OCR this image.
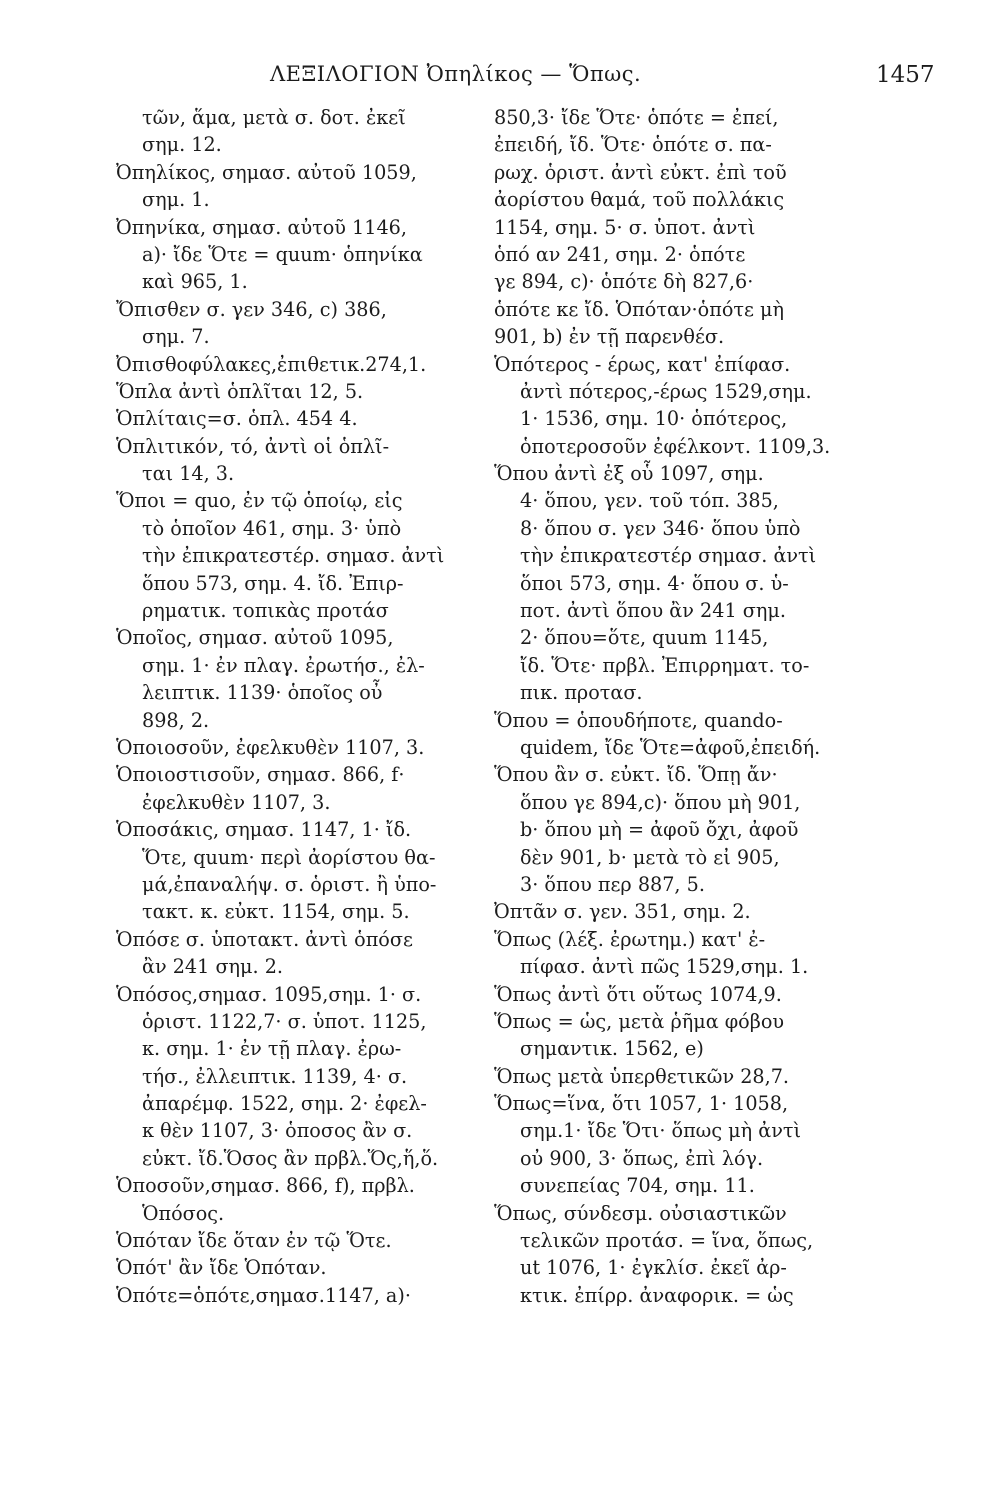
ΛΕΞΙΛΟΓΙΟΝ Ὀπηλίκος — Ὅπως.	1457
τῶν, ἅμα, μετὰ σ. δοτ. ἐκεῖ
σημ. 12.
Ὀπηλίκος, σημασ. αὐτοῦ 1059,
σημ. 1.
Ὀπηνίκα, σημασ. αὐτοῦ 1146,
a)· ἴδε Ὅτε = quum· ὁπηνίκα
καὶ 965, 1.
Ὄπισθεν σ. γεν 346, c) 386,
σημ. 7.
Ὀπισθοφύλακες,ἐπιθετικ.274,1.
Ὅπλα ἀντὶ ὁπλῖται 12, 5.
Ὁπλίταις=σ. ὁπλ. 454 4.
Ὁπλιτικόν, τό, ἀντὶ οἱ ὁπλῖ-
ται 14, 3.
Ὅποι = quo, ἐν τῷ ὁποίῳ, εἰς
τὸ ὁποῖον 461, σημ. 3· ὑπὸ
τὴν ἐπικρατεστέρ. σημασ. ἀντὶ
ὅπου 573, σημ. 4. ἴδ. Ἐπιρ-
ρηματικ. τοπικὰς προτάσ
Ὁποῖος, σημασ. αὐτοῦ 1095,
σημ. 1· ἐν πλαγ. ἐρωτήσ., ἐλ-
λειπτικ. 1139· ὁποῖος οὖ
898, 2.
Ὁποιοσοῦν, ἐφελκυθὲν 1107, 3.
Ὁποιοστισοῦν, σημασ. 866, f·
ἐφελκυθὲν 1107, 3.
Ὁποσάκις, σημασ. 1147, 1· ἴδ.
Ὅτε, quum· περὶ ἀορίστου θα-
μά,ἐπαναλήψ. σ. ὁριστ. ἢ ὑπο-
τακτ. κ. εὐκτ. 1154, σημ. 5.
Ὁπόσε σ. ὑποτακτ. ἀντὶ ὁπόσε
ἂν 241 σημ. 2.
Ὁπόσος,σημασ. 1095,σημ. 1· σ.
ὁριστ. 1122,7· σ. ὑποτ. 1125,
κ. σημ. 1· ἐν τῇ πλαγ. ἐρω-
τήσ., ἐλλειπτικ. 1139, 4· σ.
ἀπαρέμφ. 1522, σημ. 2· ἐφελ-
κ θὲν 1107, 3· ὁποσος ἂν σ.
εὐκτ. ἴδ.Ὅσος ἂν πρβλ.Ὅς,ἥ,ὅ.
Ὁποσοῦν,σημασ. 866, f), πρβλ.
Ὁπόσος.
Ὁπόταν ἴδε ὅταν ἐν τῷ Ὅτε.
Ὁπότ' ἂν ἴδε Ὁπόταν.
Ὁπότε=ὁπότε,σημασ.1147, a)·
850,3· ἴδε Ὅτε· ὁπότε = ἐπεί,
ἐπειδή, ἴδ. Ὅτε· ὁπότε σ. πα-
ρωχ. ὁριστ. ἀντὶ εὐκτ. ἐπὶ τοῦ
ἀορίστου θαμά, τοῦ πολλάκις
1154, σημ. 5· σ. ὑποτ. ἀντὶ
ὁπό αν 241, σημ. 2· ὁπότε
γε 894, c)· ὁπότε δὴ 827,6·
ὁπότε κε ἴδ. Ὁπόταν·ὁπότε μὴ
901, b) ἐν τῇ παρενθέσ.
Ὁπότερος - έρως, κατ' ἐπίφασ.
ἀντὶ πότερος,-έρως 1529,σημ.
1· 1536, σημ. 10· ὁπότερος,
ὁποτεροσοῦν ἐφέλκοντ. 1109,3.
Ὅπου ἀντὶ ἐξ οὗ 1097, σημ.
4· ὅπου, γεν. τοῦ τόπ. 385,
8· ὅπου σ. γεν 346· ὅπου ὑπὸ
τὴν ἐπικρατεστέρ σημασ. ἀντὶ
ὅποι 573, σημ. 4· ὅπου σ. ὑ-
ποτ. ἀντὶ ὅπου ἂν 241 σημ.
2· ὅπου=ὅτε, quum 1145,
ἴδ. Ὅτε· πρβλ. Ἐπιρρηματ. το-
πικ. προτασ.
Ὅπου = ὁπουδήποτε, quando-
quidem, ἴδε Ὅτε=ἀφοῦ,ἐπειδή.
Ὅπου ἂν σ. εὐκτ. ἴδ. Ὅπῃ ἄν·
ὅπου γε 894,c)· ὅπου μὴ 901,
b· ὅπου μὴ = ἀφοῦ ὄχι, ἀφοῦ
δὲν 901, b· μετὰ τὸ εἰ 905,
3· ὅπου περ 887, 5.
Ὀπτᾶν σ. γεν. 351, σημ. 2.
Ὅπως (λέξ. ἐρωτημ.) κατ' ἐ-
πίφασ. ἀντὶ πῶς 1529,σημ. 1.
Ὅπως ἀντὶ ὅτι οὕτως 1074,9.
Ὅπως = ὡς, μετὰ ῥῆμα φόβου
σημαντικ. 1562, e)
Ὅπως μετὰ ὑπερθετικῶν 28,7.
Ὅπως=ἵνα, ὅτι 1057, 1· 1058,
σημ.1· ἴδε Ὅτι· ὅπως μὴ ἀντὶ
οὐ 900, 3· ὅπως, ἐπὶ λόγ.
συνεπείας 704, σημ. 11.
Ὅπως, σύνδεσμ. οὐσιαστικῶν
τελικῶν προτάσ. = ἵνα, ὅπως,
ut 1076, 1· ἐγκλίσ. ἐκεῖ ἀρ-
κτικ. ἐπίρρ. ἀναφορικ. = ὡς
